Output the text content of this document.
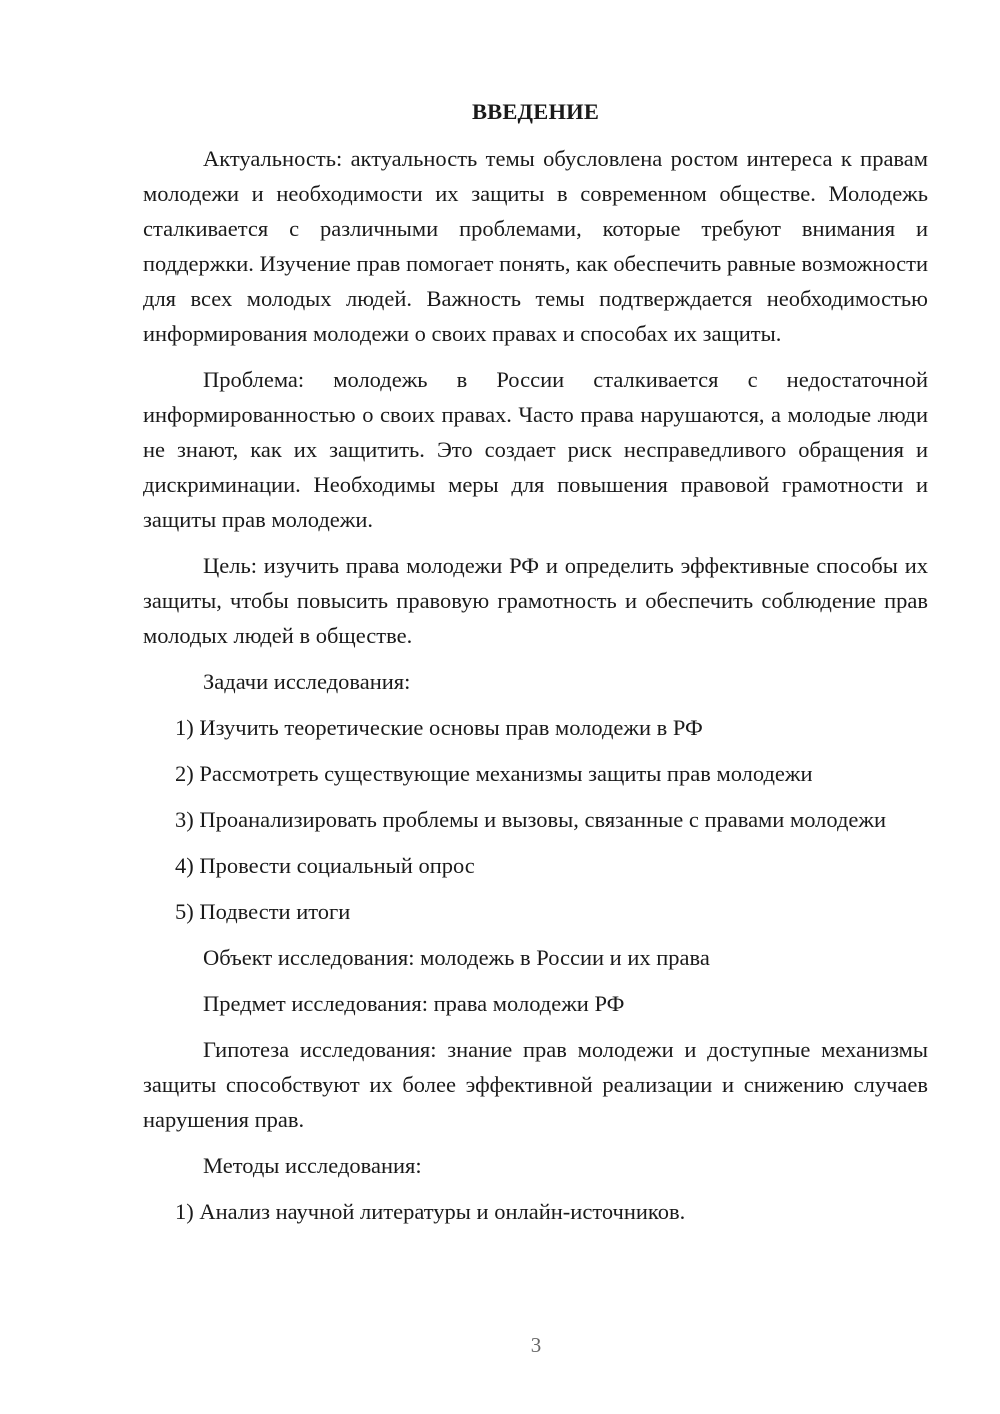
ВВЕДЕНИЕ

Актуальность: актуальность темы обусловлена ростом интереса к правам молодежи и необходимости их защиты в современном обществе. Молодежь сталкивается с различными проблемами, которые требуют внимания и поддержки. Изучение прав помогает понять, как обеспечить равные возможности для всех молодых людей. Важность темы подтверждается необходимостью информирования молодежи о своих правах и способах их защиты.

Проблема: молодежь в России сталкивается с недостаточной информированностью о своих правах. Часто права нарушаются, а молодые люди не знают, как их защитить. Это создает риск несправедливого обращения и дискриминации. Необходимы меры для повышения правовой грамотности и защиты прав молодежи.

Цель: изучить права молодежи РФ и определить эффективные способы их защиты, чтобы повысить правовую грамотность и обеспечить соблюдение прав молодых людей в обществе.

Задачи исследования:

1) Изучить теоретические основы прав молодежи в РФ

2) Рассмотреть существующие механизмы защиты прав молодежи

3) Проанализировать проблемы и вызовы, связанные с правами молодежи

4) Провести социальный опрос

5) Подвести итоги

Объект исследования: молодежь в России и их права

Предмет исследования: права молодежи РФ

Гипотеза исследования: знание прав молодежи и доступные механизмы защиты способствуют их более эффективной реализации и снижению случаев нарушения прав.

Методы исследования:

1) Анализ научной литературы и онлайн-источников.

3
